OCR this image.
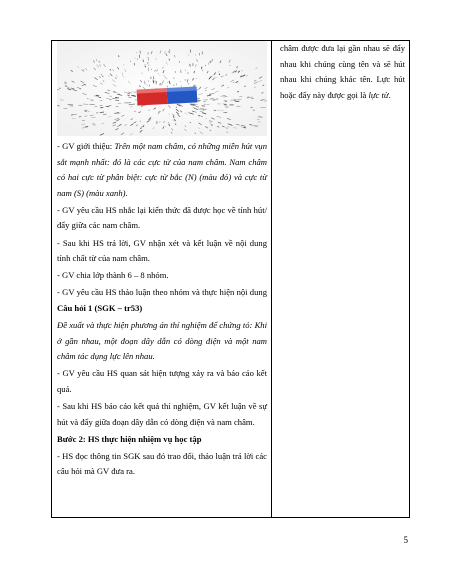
- GV giới thiệu: Trên một nam châm, có những miền hút vụn sắt mạnh nhất: đó là các cực từ của nam châm. Nam châm có hai cực từ phân biệt: cực từ bắc (N) (màu đỏ) và cực từ nam (S) (màu xanh).

- GV yêu cầu HS nhắc lại kiến thức đã được học về tính hút/đẩy giữa các nam châm.

- Sau khi HS trả lời, GV nhận xét và kết luận về nội dung tính chất từ của nam châm.

- GV chia lớp thành 6 – 8 nhóm.

- GV yêu cầu HS thảo luận theo nhóm và thực hiện nội dung Câu hỏi 1 (SGK – tr53)

Đề xuất và thực hiện phương án thí nghiệm để chứng tỏ: Khi ở gần nhau, một đoạn dây dẫn có dòng điện và một nam châm tác dụng lực lên nhau.

- GV yêu cầu HS quan sát hiện tượng xảy ra và báo cáo kết quả.

- Sau khi HS báo cáo kết quả thí nghiệm, GV kết luận về sự hút và đẩy giữa đoạn dây dẫn có dòng điện và nam châm.

Bước 2: HS thực hiện nhiệm vụ học tập

- HS đọc thông tin SGK sau đó trao đổi, thảo luận trả lời các câu hỏi mà GV đưa ra.

châm được đưa lại gần nhau sẽ đẩy nhau khi chúng cùng tên và sẽ hút nhau khi chúng khác tên. Lực hút hoặc đẩy này được gọi là lực từ.

5
